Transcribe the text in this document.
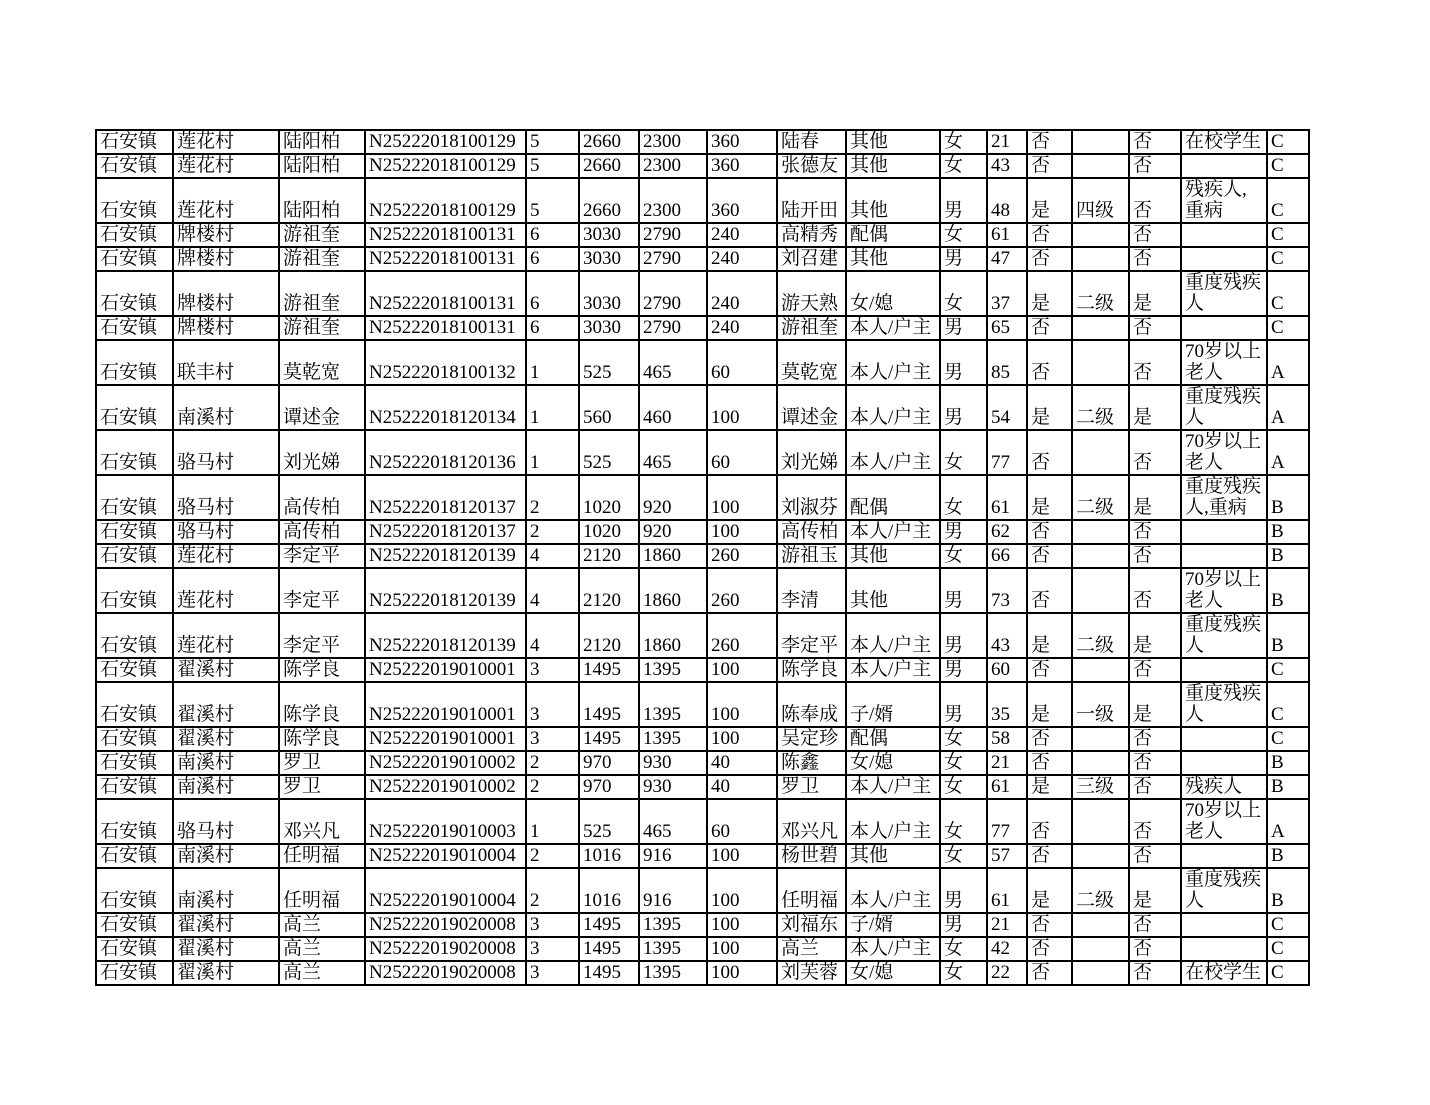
石安镇	莲花村	陆阳柏	N25222018100129	5	2660	2300	360	陆春	其他	女	21	否		否	在校学生	C
石安镇	莲花村	陆阳柏	N25222018100129	5	2660	2300	360	张德友	其他	女	43	否		否		C
石安镇	莲花村	陆阳柏	N25222018100129	5	2660	2300	360	陆开田	其他	男	48	是	四级	否	残疾人,重病	C
石安镇	牌楼村	游祖奎	N25222018100131	6	3030	2790	240	高精秀	配偶	女	61	否		否		C
石安镇	牌楼村	游祖奎	N25222018100131	6	3030	2790	240	刘召建	其他	男	47	否		否		C
石安镇	牌楼村	游祖奎	N25222018100131	6	3030	2790	240	游天熟	女/媳	女	37	是	二级	是	重度残疾人	C
石安镇	牌楼村	游祖奎	N25222018100131	6	3030	2790	240	游祖奎	本人/户主	男	65	否		否		C
石安镇	联丰村	莫乾宽	N25222018100132	1	525	465	60	莫乾宽	本人/户主	男	85	否		否	70岁以上老人	A
石安镇	南溪村	谭述金	N25222018120134	1	560	460	100	谭述金	本人/户主	男	54	是	二级	是	重度残疾人	A
石安镇	骆马村	刘光娣	N25222018120136	1	525	465	60	刘光娣	本人/户主	女	77	否		否	70岁以上老人	A
石安镇	骆马村	高传柏	N25222018120137	2	1020	920	100	刘淑芬	配偶	女	61	是	二级	是	重度残疾人,重病	B
石安镇	骆马村	高传柏	N25222018120137	2	1020	920	100	高传柏	本人/户主	男	62	否		否		B
石安镇	莲花村	李定平	N25222018120139	4	2120	1860	260	游祖玉	其他	女	66	否		否		B
石安镇	莲花村	李定平	N25222018120139	4	2120	1860	260	李清	其他	男	73	否		否	70岁以上老人	B
石安镇	莲花村	李定平	N25222018120139	4	2120	1860	260	李定平	本人/户主	男	43	是	二级	是	重度残疾人	B
石安镇	翟溪村	陈学良	N25222019010001	3	1495	1395	100	陈学良	本人/户主	男	60	否		否		C
石安镇	翟溪村	陈学良	N25222019010001	3	1495	1395	100	陈奉成	子/婿	男	35	是	一级	是	重度残疾人	C
石安镇	翟溪村	陈学良	N25222019010001	3	1495	1395	100	吴定珍	配偶	女	58	否		否		C
石安镇	南溪村	罗卫	N25222019010002	2	970	930	40	陈鑫	女/媳	女	21	否		否		B
石安镇	南溪村	罗卫	N25222019010002	2	970	930	40	罗卫	本人/户主	女	61	是	三级	否	残疾人	B
石安镇	骆马村	邓兴凡	N25222019010003	1	525	465	60	邓兴凡	本人/户主	女	77	否		否	70岁以上老人	A
石安镇	南溪村	任明福	N25222019010004	2	1016	916	100	杨世碧	其他	女	57	否		否		B
石安镇	南溪村	任明福	N25222019010004	2	1016	916	100	任明福	本人/户主	男	61	是	二级	是	重度残疾人	B
石安镇	翟溪村	高兰	N25222019020008	3	1495	1395	100	刘福东	子/婿	男	21	否		否		C
石安镇	翟溪村	高兰	N25222019020008	3	1495	1395	100	高兰	本人/户主	女	42	否		否		C
石安镇	翟溪村	高兰	N25222019020008	3	1495	1395	100	刘芙蓉	女/媳	女	22	否		否	在校学生	C
